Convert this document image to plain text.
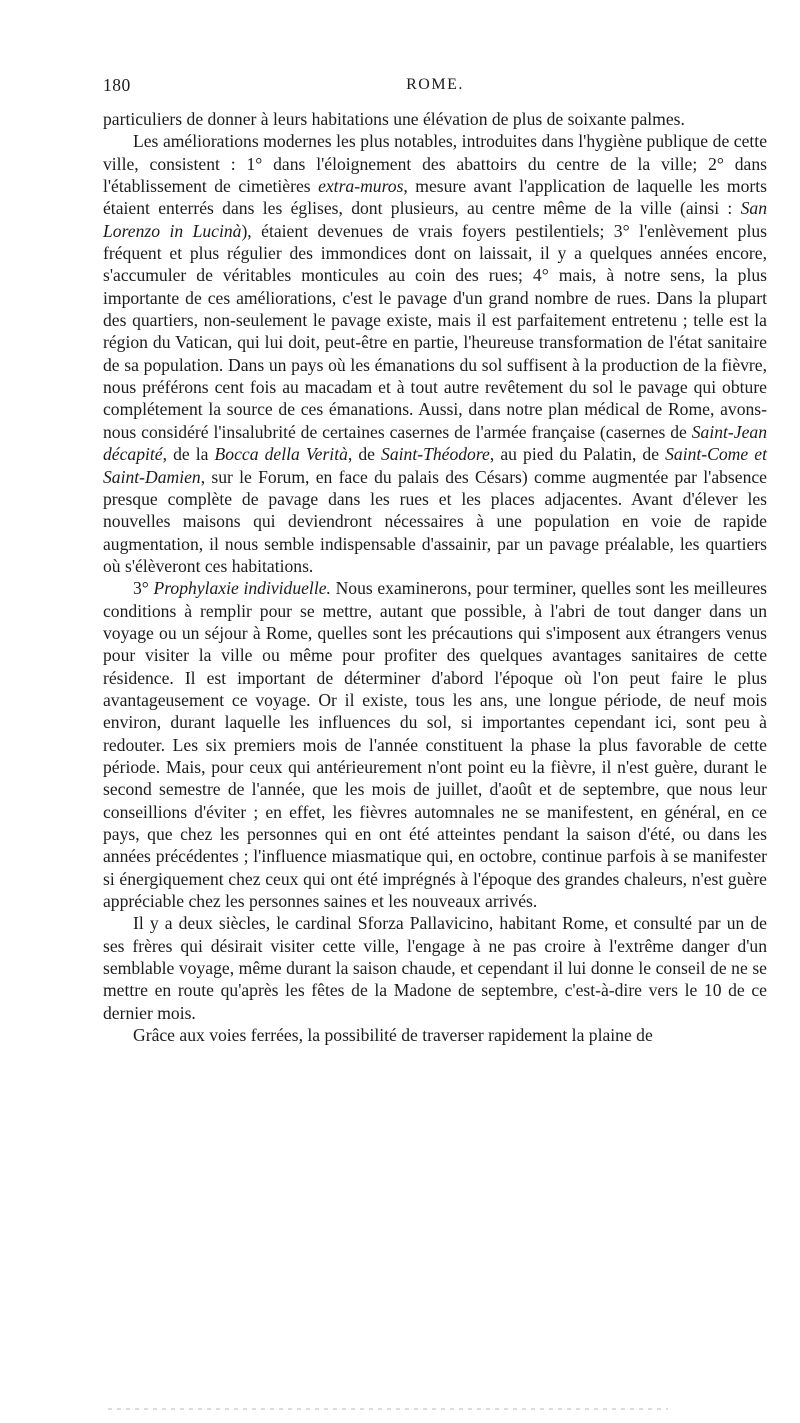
180	ROME.

particuliers de donner à leurs habitations une élévation de plus de soixante palmes.

Les améliorations modernes les plus notables, introduites dans l'hygiène publique de cette ville, consistent : 1° dans l'éloignement des abattoirs du centre de la ville; 2° dans l'établissement de cimetières extra-muros, mesure avant l'application de laquelle les morts étaient enterrés dans les églises, dont plusieurs, au centre même de la ville (ainsi : San Lorenzo in Lucinà), étaient devenues de vrais foyers pestilentiels; 3° l'enlèvement plus fréquent et plus régulier des immondices dont on laissait, il y a quelques années encore, s'accumuler de véritables monticules au coin des rues; 4° mais, à notre sens, la plus importante de ces améliorations, c'est le pavage d'un grand nombre de rues. Dans la plupart des quartiers, non-seulement le pavage existe, mais il est parfaitement entretenu ; telle est la région du Vatican, qui lui doit, peut-être en partie, l'heureuse transformation de l'état sanitaire de sa population. Dans un pays où les émanations du sol suffisent à la production de la fièvre, nous préférons cent fois au macadam et à tout autre revêtement du sol le pavage qui obture complétement la source de ces émanations. Aussi, dans notre plan médical de Rome, avons-nous considéré l'insalubrité de certaines casernes de l'armée française (casernes de Saint-Jean décapité, de la Bocca della Verità, de Saint-Théodore, au pied du Palatin, de Saint-Come et Saint-Damien, sur le Forum, en face du palais des Césars) comme augmentée par l'absence presque complète de pavage dans les rues et les places adjacentes. Avant d'élever les nouvelles maisons qui deviendront nécessaires à une population en voie de rapide augmentation, il nous semble indispensable d'assainir, par un pavage préalable, les quartiers où s'élèveront ces habitations.

3° Prophylaxie individuelle. Nous examinerons, pour terminer, quelles sont les meilleures conditions à remplir pour se mettre, autant que possible, à l'abri de tout danger dans un voyage ou un séjour à Rome, quelles sont les précautions qui s'imposent aux étrangers venus pour visiter la ville ou même pour profiter des quelques avantages sanitaires de cette résidence. Il est important de déterminer d'abord l'époque où l'on peut faire le plus avantageusement ce voyage. Or il existe, tous les ans, une longue période, de neuf mois environ, durant laquelle les influences du sol, si importantes cependant ici, sont peu à redouter. Les six premiers mois de l'année constituent la phase la plus favorable de cette période. Mais, pour ceux qui antérieurement n'ont point eu la fièvre, il n'est guère, durant le second semestre de l'année, que les mois de juillet, d'août et de septembre, que nous leur conseillions d'éviter ; en effet, les fièvres automnales ne se manifestent, en général, en ce pays, que chez les personnes qui en ont été atteintes pendant la saison d'été, ou dans les années précédentes ; l'influence miasmatique qui, en octobre, continue parfois à se manifester si énergiquement chez ceux qui ont été imprégnés à l'époque des grandes chaleurs, n'est guère appréciable chez les personnes saines et les nouveaux arrivés.

Il y a deux siècles, le cardinal Sforza Pallavicino, habitant Rome, et consulté par un de ses frères qui désirait visiter cette ville, l'engage à ne pas croire à l'extrême danger d'un semblable voyage, même durant la saison chaude, et cependant il lui donne le conseil de ne se mettre en route qu'après les fêtes de la Madone de septembre, c'est-à-dire vers le 10 de ce dernier mois.

Grâce aux voies ferrées, la possibilité de traverser rapidement la plaine de
